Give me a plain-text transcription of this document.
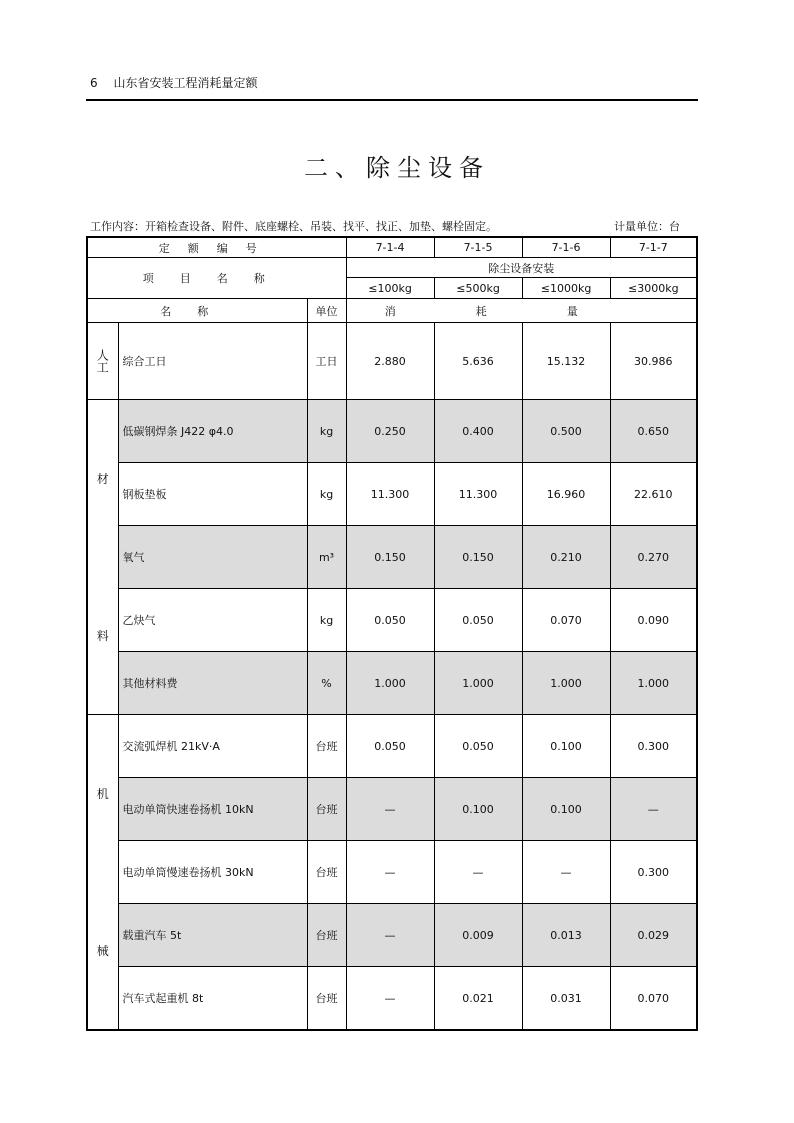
6 山东省安装工程消耗量定额
二、除尘设备
工作内容：开箱检查设备、附件、底座螺栓、吊装、找平、找正、加垫、螺栓固定。	计量单位：台
定额编号			7-1-4	7-1-5	7-1-6	7-1-7
项目名称			除尘设备安装			
			≤100kg	≤500kg	≤1000kg	≤3000kg
名称		单位	消耗量			
人工	综合工日	工日	2.880	5.636	15.132	30.986

材
料	低碳钢焊条 J422 φ4.0	kg	0.250	0.400	0.500	0.650
	钢板垫板	kg	11.300	11.300	16.960	22.610
	氧气	m³	0.150	0.150	0.210	0.270
	乙炔气	kg	0.050	0.050	0.070	0.090
	其他材料费	%	1.000	1.000	1.000	1.000

机
械	交流弧焊机 21kV·A	台班	0.050	0.050	0.100	0.300
	电动单筒快速卷扬机 10kN	台班	—	0.100	0.100	—
	电动单筒慢速卷扬机 30kN	台班	—	—	—	0.300
	载重汽车 5t	台班	—	0.009	0.013	0.029
	汽车式起重机 8t	台班	—	0.021	0.031	0.070
